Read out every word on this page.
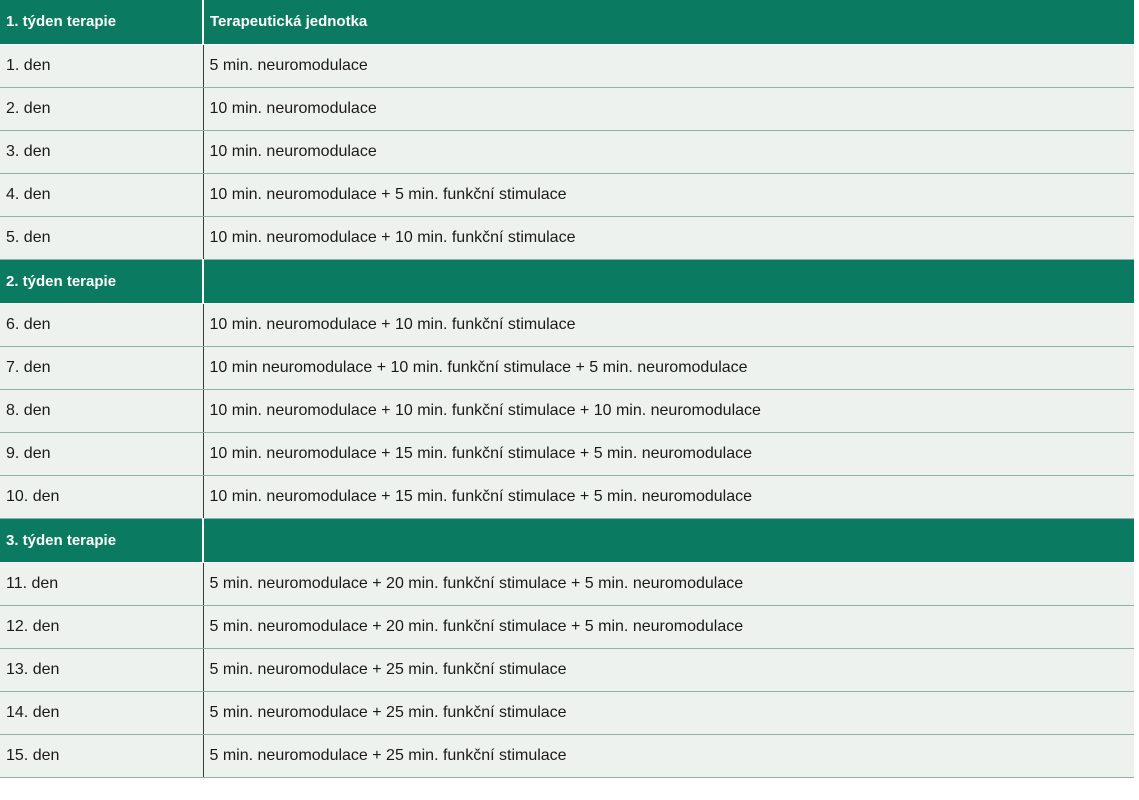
1. týden terapie	Terapeutická jednotka
1. den	5 min. neuromodulace
2. den	10 min. neuromodulace
3. den	10 min. neuromodulace
4. den	10 min. neuromodulace + 5 min. funkční stimulace
5. den	10 min. neuromodulace + 10 min. funkční stimulace
2. týden terapie	
6. den	10 min. neuromodulace + 10 min. funkční stimulace
7. den	10 min neuromodulace + 10 min. funkční stimulace + 5 min. neuromodulace
8. den	10 min. neuromodulace + 10 min. funkční stimulace + 10 min. neuromodulace
9. den	10 min. neuromodulace + 15 min. funkční stimulace + 5 min. neuromodulace
10. den	10 min. neuromodulace + 15 min. funkční stimulace + 5 min. neuromodulace
3. týden terapie	
11. den	5 min. neuromodulace + 20 min. funkční stimulace + 5 min. neuromodulace
12. den	5 min. neuromodulace + 20 min. funkční stimulace + 5 min. neuromodulace
13. den	5 min. neuromodulace + 25 min. funkční stimulace
14. den	5 min. neuromodulace + 25 min. funkční stimulace
15. den	5 min. neuromodulace + 25 min. funkční stimulace
